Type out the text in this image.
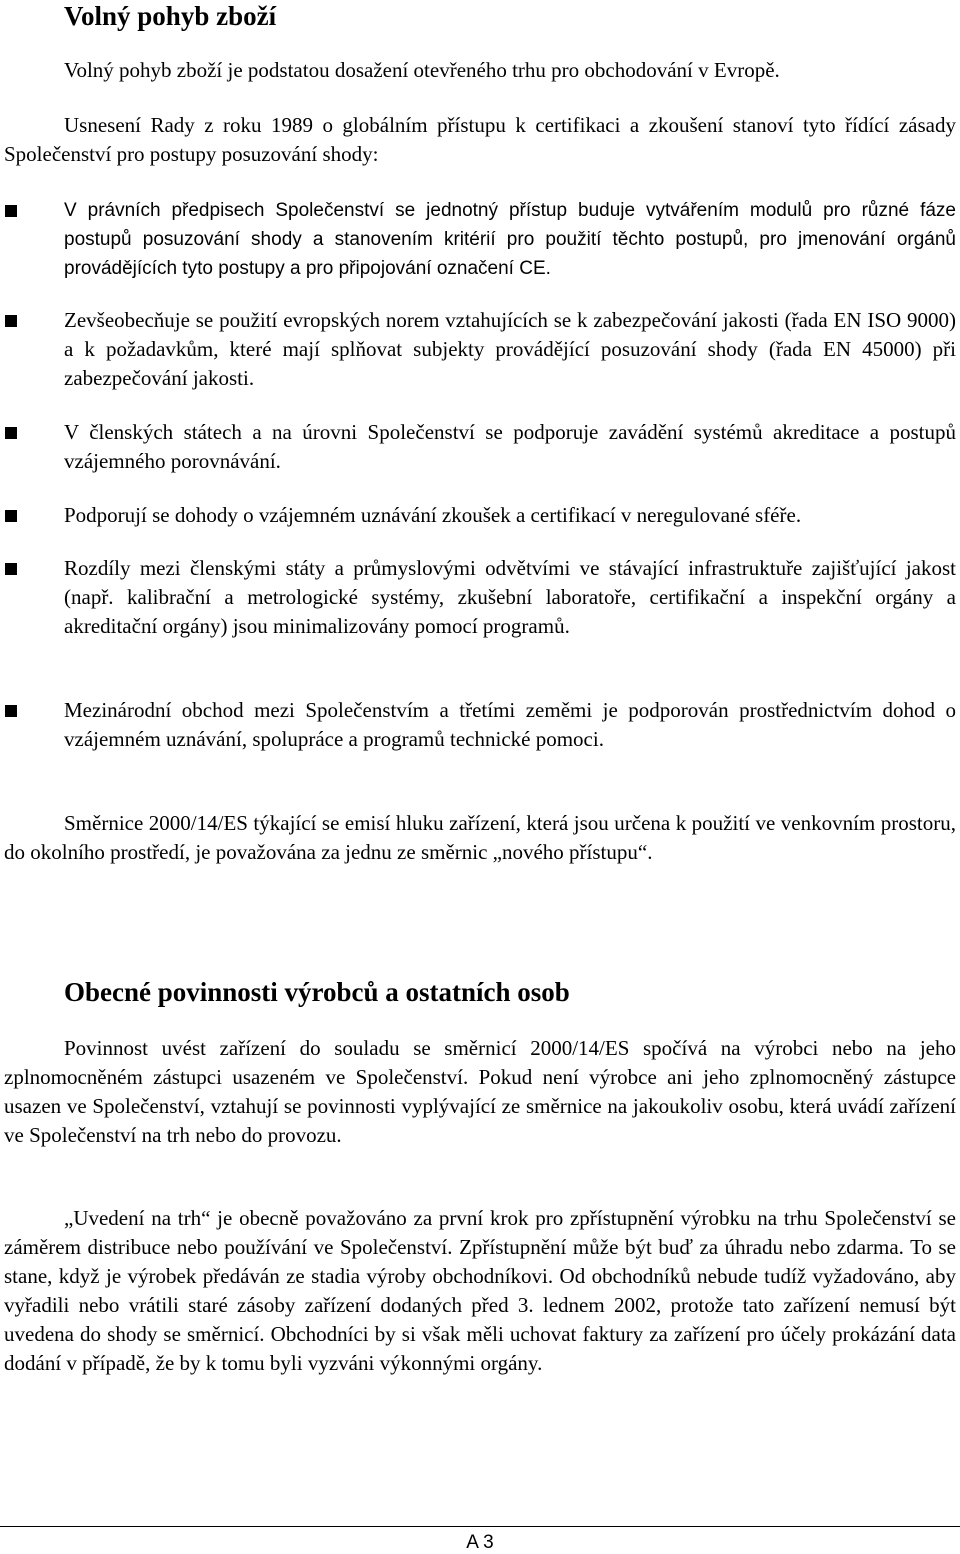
Volný pohyb zboží

Volný pohyb zboží je podstatou dosažení otevřeného trhu pro obchodování v Evropě.

Usnesení Rady z roku 1989 o globálním přístupu k certifikaci a zkoušení stanoví tyto řídící zásady Společenství pro postupy posuzování shody:

V právních předpisech Společenství se jednotný přístup buduje vytvářením modulů pro různé fáze postupů posuzování shody a stanovením kritérií pro použití těchto postupů, pro jmenování orgánů provádějících tyto postupy a pro připojování označení CE.

Zevšeobecňuje se použití evropských norem vztahujících se k zabezpečování jakosti (řada EN ISO 9000) a k požadavkům, které mají splňovat subjekty provádějící posuzování shody (řada EN 45000) při zabezpečování jakosti.

V členských státech a na úrovni Společenství se podporuje zavádění systémů akreditace a postupů vzájemného porovnávání.

Podporují se dohody o vzájemném uznávání zkoušek a certifikací v neregulované sféře.

Rozdíly mezi členskými státy a průmyslovými odvětvími ve stávající infrastruktuře zajišťující jakost (např. kalibrační a metrologické systémy, zkušební laboratoře, certifikační a inspekční orgány a akreditační orgány) jsou minimalizovány pomocí programů.

Mezinárodní obchod mezi Společenstvím a třetími zeměmi je podporován prostřednictvím dohod o vzájemném uznávání, spolupráce a programů technické pomoci.

Směrnice 2000/14/ES týkající se emisí hluku zařízení, která jsou určena k použití ve venkovním prostoru, do okolního prostředí, je považována za jednu ze směrnic „nového přístupu“.

Obecné povinnosti výrobců a ostatních osob

Povinnost uvést zařízení do souladu se směrnicí 2000/14/ES spočívá na výrobci nebo na jeho zplnomocněném zástupci usazeném ve Společenství. Pokud není výrobce ani jeho zplnomocněný zástupce usazen ve Společenství, vztahují se povinnosti vyplývající ze směrnice na jakoukoliv osobu, která uvádí zařízení ve Společenství na trh nebo do provozu.

„Uvedení na trh“ je obecně považováno za první krok pro zpřístupnění výrobku na trhu Společenství se záměrem distribuce nebo používání ve Společenství. Zpřístupnění může být buď za úhradu nebo zdarma. To se stane, když je výrobek předáván ze stadia výroby obchodníkovi. Od obchodníků nebude tudíž vyžadováno, aby vyřadili nebo vrátili staré zásoby zařízení dodaných před 3. lednem 2002, protože tato zařízení nemusí být uvedena do shody se směrnicí. Obchodníci by si však měli uchovat faktury za zařízení pro účely prokázání data dodání v případě, že by k tomu byli vyzváni výkonnými orgány.

A 3
